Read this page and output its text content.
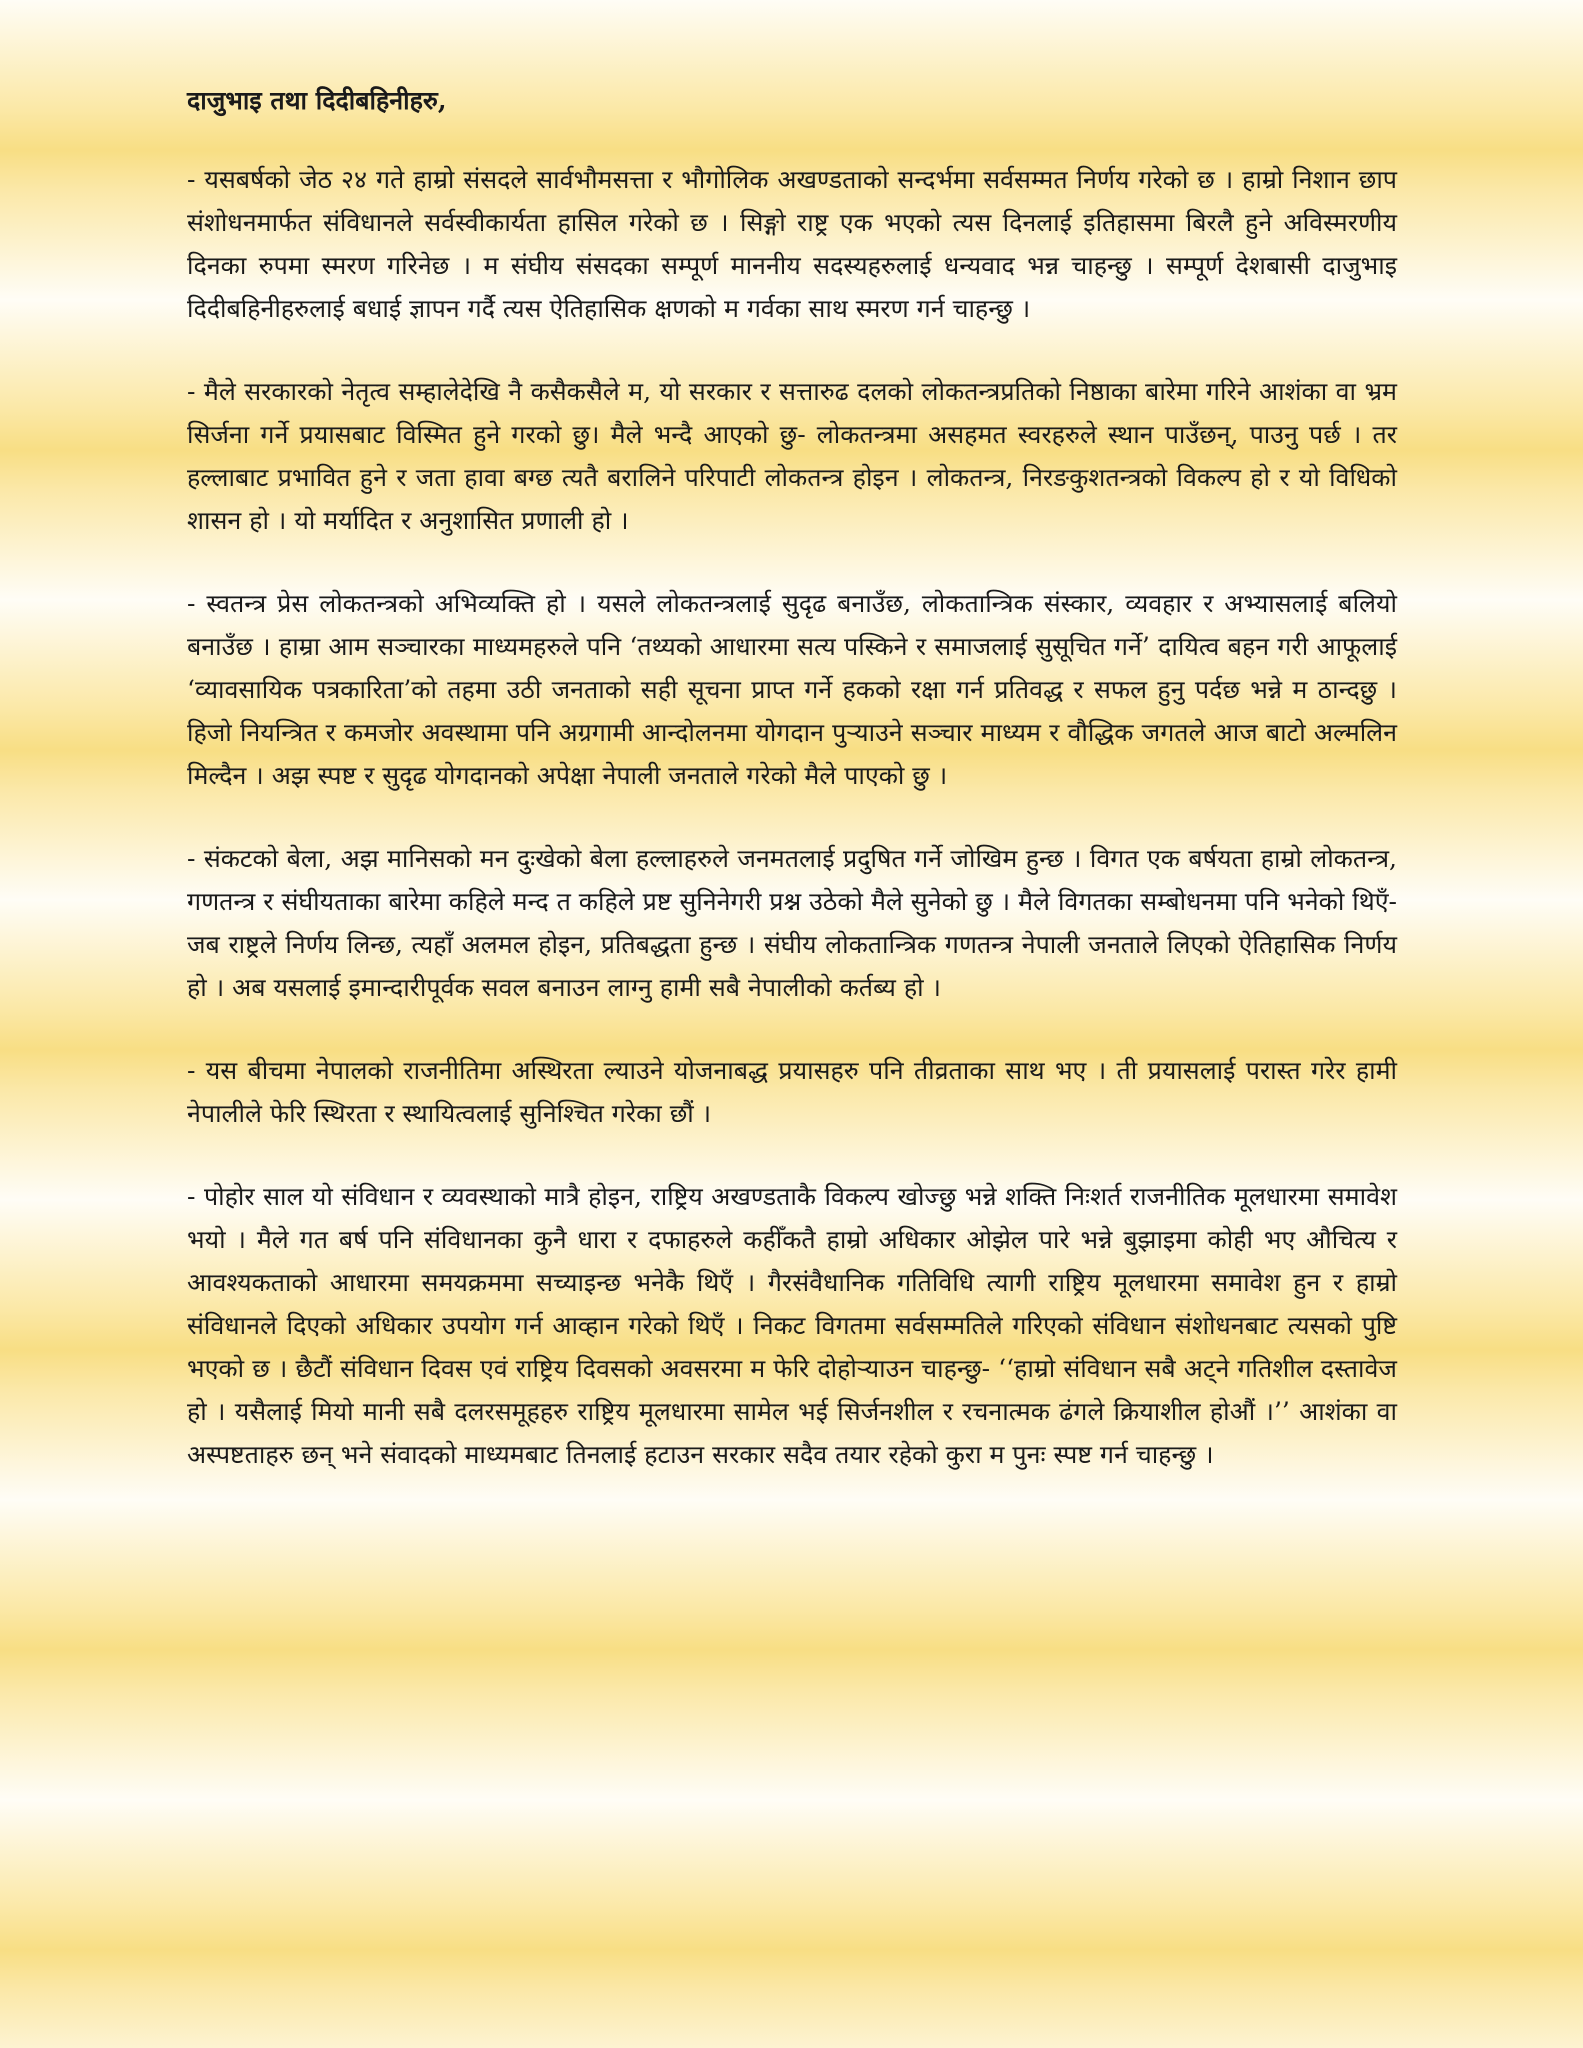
दाजुभाइ तथा दिदीबहिनीहरु,

- यसबर्षको जेठ २४ गते हाम्रो संसदले सार्वभौमसत्ता र भौगोलिक अखण्डताको सन्दर्भमा सर्वसम्मत निर्णय गरेको छ । हाम्रो निशान छाप संशोधनमार्फत संविधानले सर्वस्वीकार्यता हासिल गरेको छ । सिङ्गो राष्ट्र एक भएको त्यस दिनलाई इतिहासमा बिरलै हुने अविस्मरणीय दिनका रुपमा स्मरण गरिनेछ । म संघीय संसदका सम्पूर्ण माननीय सदस्यहरुलाई धन्यवाद भन्न चाहन्छु । सम्पूर्ण देशबासी दाजुभाइ दिदीबहिनीहरुलाई बधाई ज्ञापन गर्दै त्यस ऐतिहासिक क्षणको म गर्वका साथ स्मरण गर्न चाहन्छु ।

- मैले सरकारको नेतृत्व सम्हालेदेखि नै कसैकसैले म, यो सरकार र सत्तारुढ दलको लोकतन्त्रप्रतिको निष्ठाका बारेमा गरिने आशंका वा भ्रम सिर्जना गर्ने प्रयासबाट विस्मित हुने गरको छु। मैले भन्दै आएको छु- लोकतन्त्रमा असहमत स्वरहरुले स्थान पाउँछन्, पाउनु पर्छ । तर हल्लाबाट प्रभावित हुने र जता हावा बग्छ त्यतै बरालिने परिपाटी लोकतन्त्र होइन । लोकतन्त्र, निरङकुशतन्त्रको विकल्प हो र यो विधिको शासन हो । यो मर्यादित र अनुशासित प्रणाली हो ।

- स्वतन्त्र प्रेस लोकतन्त्रको अभिव्यक्ति हो । यसले लोकतन्त्रलाई सुदृढ बनाउँछ, लोकतान्त्रिक संस्कार, व्यवहार र अभ्यासलाई बलियो बनाउँछ । हाम्रा आम सञ्चारका माध्यमहरुले पनि ‘तथ्यको आधारमा सत्य पस्किने र समाजलाई सुसूचित गर्ने’ दायित्व बहन गरी आफूलाई ‘व्यावसायिक पत्रकारिता’को तहमा उठी जनताको सही सूचना प्राप्त गर्ने हकको रक्षा गर्न प्रतिवद्ध र सफल हुनु पर्दछ भन्ने म ठान्दछु । हिजो नियन्त्रित र कमजोर अवस्थामा पनि अग्रगामी आन्दोलनमा योगदान पुर्‍याउने सञ्चार माध्यम र वौद्धिक जगतले आज बाटो अल्मलिन मिल्दैन । अझ स्पष्ट र सुदृढ योगदानको अपेक्षा नेपाली जनताले गरेको मैले पाएको छु ।

- संकटको बेला, अझ मानिसको मन दुःखेको बेला हल्लाहरुले जनमतलाई प्रदुषित गर्ने जोखिम हुन्छ । विगत एक बर्षयता हाम्रो लोकतन्त्र, गणतन्त्र र संघीयताका बारेमा कहिले मन्द त कहिले प्रष्ट सुनिनेगरी प्रश्न उठेको मैले सुनेको छु । मैले विगतका सम्बोधनमा पनि भनेको थिएँ- जब राष्ट्रले निर्णय लिन्छ, त्यहाँ अलमल होइन, प्रतिबद्धता हुन्छ । संघीय लोकतान्त्रिक गणतन्त्र नेपाली जनताले लिएको ऐतिहासिक निर्णय हो । अब यसलाई इमान्दारीपूर्वक सवल बनाउन लाग्नु हामी सबै नेपालीको कर्तब्य हो ।

- यस बीचमा नेपालको राजनीतिमा अस्थिरता ल्याउने योजनाबद्ध प्रयासहरु पनि तीव्रताका साथ भए । ती प्रयासलाई परास्त गरेर हामी नेपालीले फेरि स्थिरता र स्थायित्वलाई सुनिश्चित गरेका छौं ।

- पोहोर साल यो संविधान र व्यवस्थाको मात्रै होइन, राष्ट्रिय अखण्डताकै विकल्प खोज्छु भन्ने शक्ति निःशर्त राजनीतिक मूलधारमा समावेश भयो । मैले गत बर्ष पनि संविधानका कुनै धारा र दफाहरुले कहीँकतै हाम्रो अधिकार ओझेल पारे भन्ने बुझाइमा कोही भए औचित्य र आवश्यकताको आधारमा समयक्रममा सच्याइन्छ भनेकै थिएँ । गैरसंवैधानिक गतिविधि त्यागी राष्ट्रिय मूलधारमा समावेश हुन र हाम्रो संविधानले दिएको अधिकार उपयोग गर्न आव्हान गरेको थिएँ । निकट विगतमा सर्वसम्मतिले गरिएको संविधान संशोधनबाट त्यसको पुष्टि भएको छ । छैटौं संविधान दिवस एवं राष्ट्रिय दिवसको अवसरमा म फेरि दोहोर्‍याउन चाहन्छु- ‘‘हाम्रो संविधान सबै अट्ने गतिशील दस्तावेज हो । यसैलाई मियो मानी सबै दलरसमूहहरु राष्ट्रिय मूलधारमा सामेल भई सिर्जनशील र रचनात्मक ढंगले क्रियाशील होऔं ।’’ आशंका वा अस्पष्टताहरु छन् भने संवादको माध्यमबाट तिनलाई हटाउन सरकार सदैव तयार रहेको कुरा म पुनः स्पष्ट गर्न चाहन्छु ।
